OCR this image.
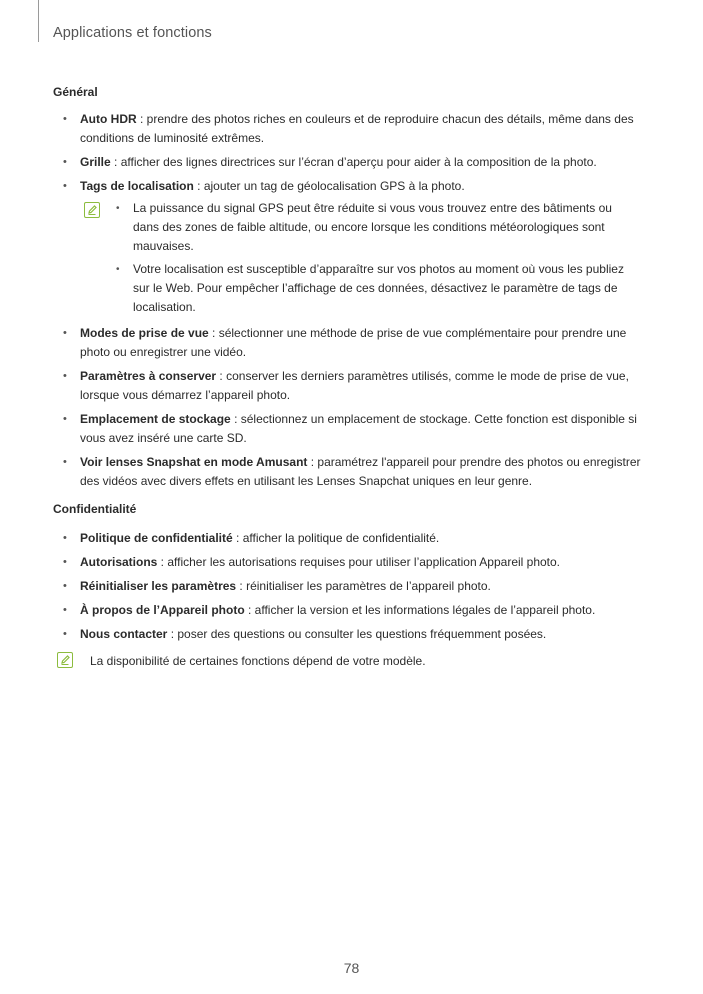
Applications et fonctions
Général
• Auto HDR : prendre des photos riches en couleurs et de reproduire chacun des détails, même dans des conditions de luminosité extrêmes.
• Grille : afficher des lignes directrices sur l’écran d’aperçu pour aider à la composition de la photo.
• Tags de localisation : ajouter un tag de géolocalisation GPS à la photo.
• La puissance du signal GPS peut être réduite si vous vous trouvez entre des bâtiments ou dans des zones de faible altitude, ou encore lorsque les conditions météorologiques sont mauvaises.
• Votre localisation est susceptible d’apparaître sur vos photos au moment où vous les publiez sur le Web. Pour empêcher l’affichage de ces données, désactivez le paramètre de tags de localisation.
• Modes de prise de vue : sélectionner une méthode de prise de vue complémentaire pour prendre une photo ou enregistrer une vidéo.
• Paramètres à conserver : conserver les derniers paramètres utilisés, comme le mode de prise de vue, lorsque vous démarrez l’appareil photo.
• Emplacement de stockage : sélectionnez un emplacement de stockage. Cette fonction est disponible si vous avez inséré une carte SD.
• Voir lenses Snapshat en mode Amusant : paramétrez l'appareil pour prendre des photos ou enregistrer des vidéos avec divers effets en utilisant les Lenses Snapchat uniques en leur genre.
Confidentialité
• Politique de confidentialité : afficher la politique de confidentialité.
• Autorisations : afficher les autorisations requises pour utiliser l’application Appareil photo.
• Réinitialiser les paramètres : réinitialiser les paramètres de l’appareil photo.
• À propos de l’Appareil photo : afficher la version et les informations légales de l’appareil photo.
• Nous contacter : poser des questions ou consulter les questions fréquemment posées.
La disponibilité de certaines fonctions dépend de votre modèle.
78
